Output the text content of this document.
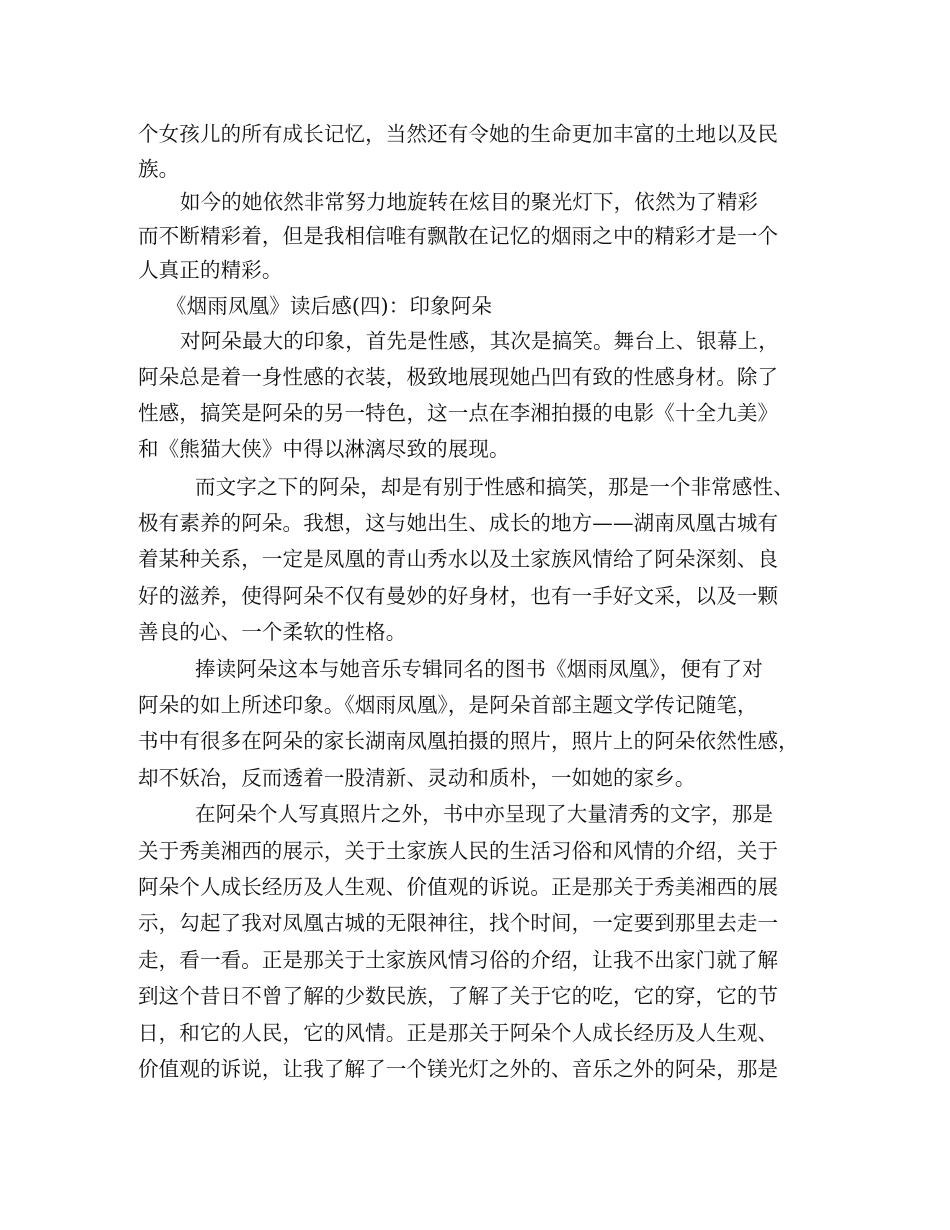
个女孩儿的所有成长记忆，当然还有令她的生命更加丰富的土地以及民
族。
如今的她依然非常努力地旋转在炫目的聚光灯下，依然为了精彩
而不断精彩着，但是我相信唯有飘散在记忆的烟雨之中的精彩才是一个
人真正的精彩。
《烟雨凤凰》读后感(四)：印象阿朵
对阿朵最大的印象，首先是性感，其次是搞笑。舞台上、银幕上，
阿朵总是着一身性感的衣装，极致地展现她凸凹有致的性感身材。除了
性感，搞笑是阿朵的另一特色，这一点在李湘拍摄的电影《十全九美》
和《熊猫大侠》中得以淋漓尽致的展现。
而文字之下的阿朵，却是有别于性感和搞笑，那是一个非常感性、
极有素养的阿朵。我想，这与她出生、成长的地方——湖南凤凰古城有
着某种关系，一定是凤凰的青山秀水以及土家族风情给了阿朵深刻、良
好的滋养，使得阿朵不仅有曼妙的好身材，也有一手好文采，以及一颗
善良的心、一个柔软的性格。
捧读阿朵这本与她音乐专辑同名的图书《烟雨凤凰》，便有了对
阿朵的如上所述印象。《烟雨凤凰》，是阿朵首部主题文学传记随笔，
书中有很多在阿朵的家长湖南凤凰拍摄的照片，照片上的阿朵依然性感，
却不妖冶，反而透着一股清新、灵动和质朴，一如她的家乡。
在阿朵个人写真照片之外，书中亦呈现了大量清秀的文字，那是
关于秀美湘西的展示，关于土家族人民的生活习俗和风情的介绍，关于
阿朵个人成长经历及人生观、价值观的诉说。正是那关于秀美湘西的展
示，勾起了我对凤凰古城的无限神往，找个时间，一定要到那里去走一
走，看一看。正是那关于土家族风情习俗的介绍，让我不出家门就了解
到这个昔日不曾了解的少数民族，了解了关于它的吃，它的穿，它的节
日，和它的人民，它的风情。正是那关于阿朵个人成长经历及人生观、
价值观的诉说，让我了解了一个镁光灯之外的、音乐之外的阿朵，那是
